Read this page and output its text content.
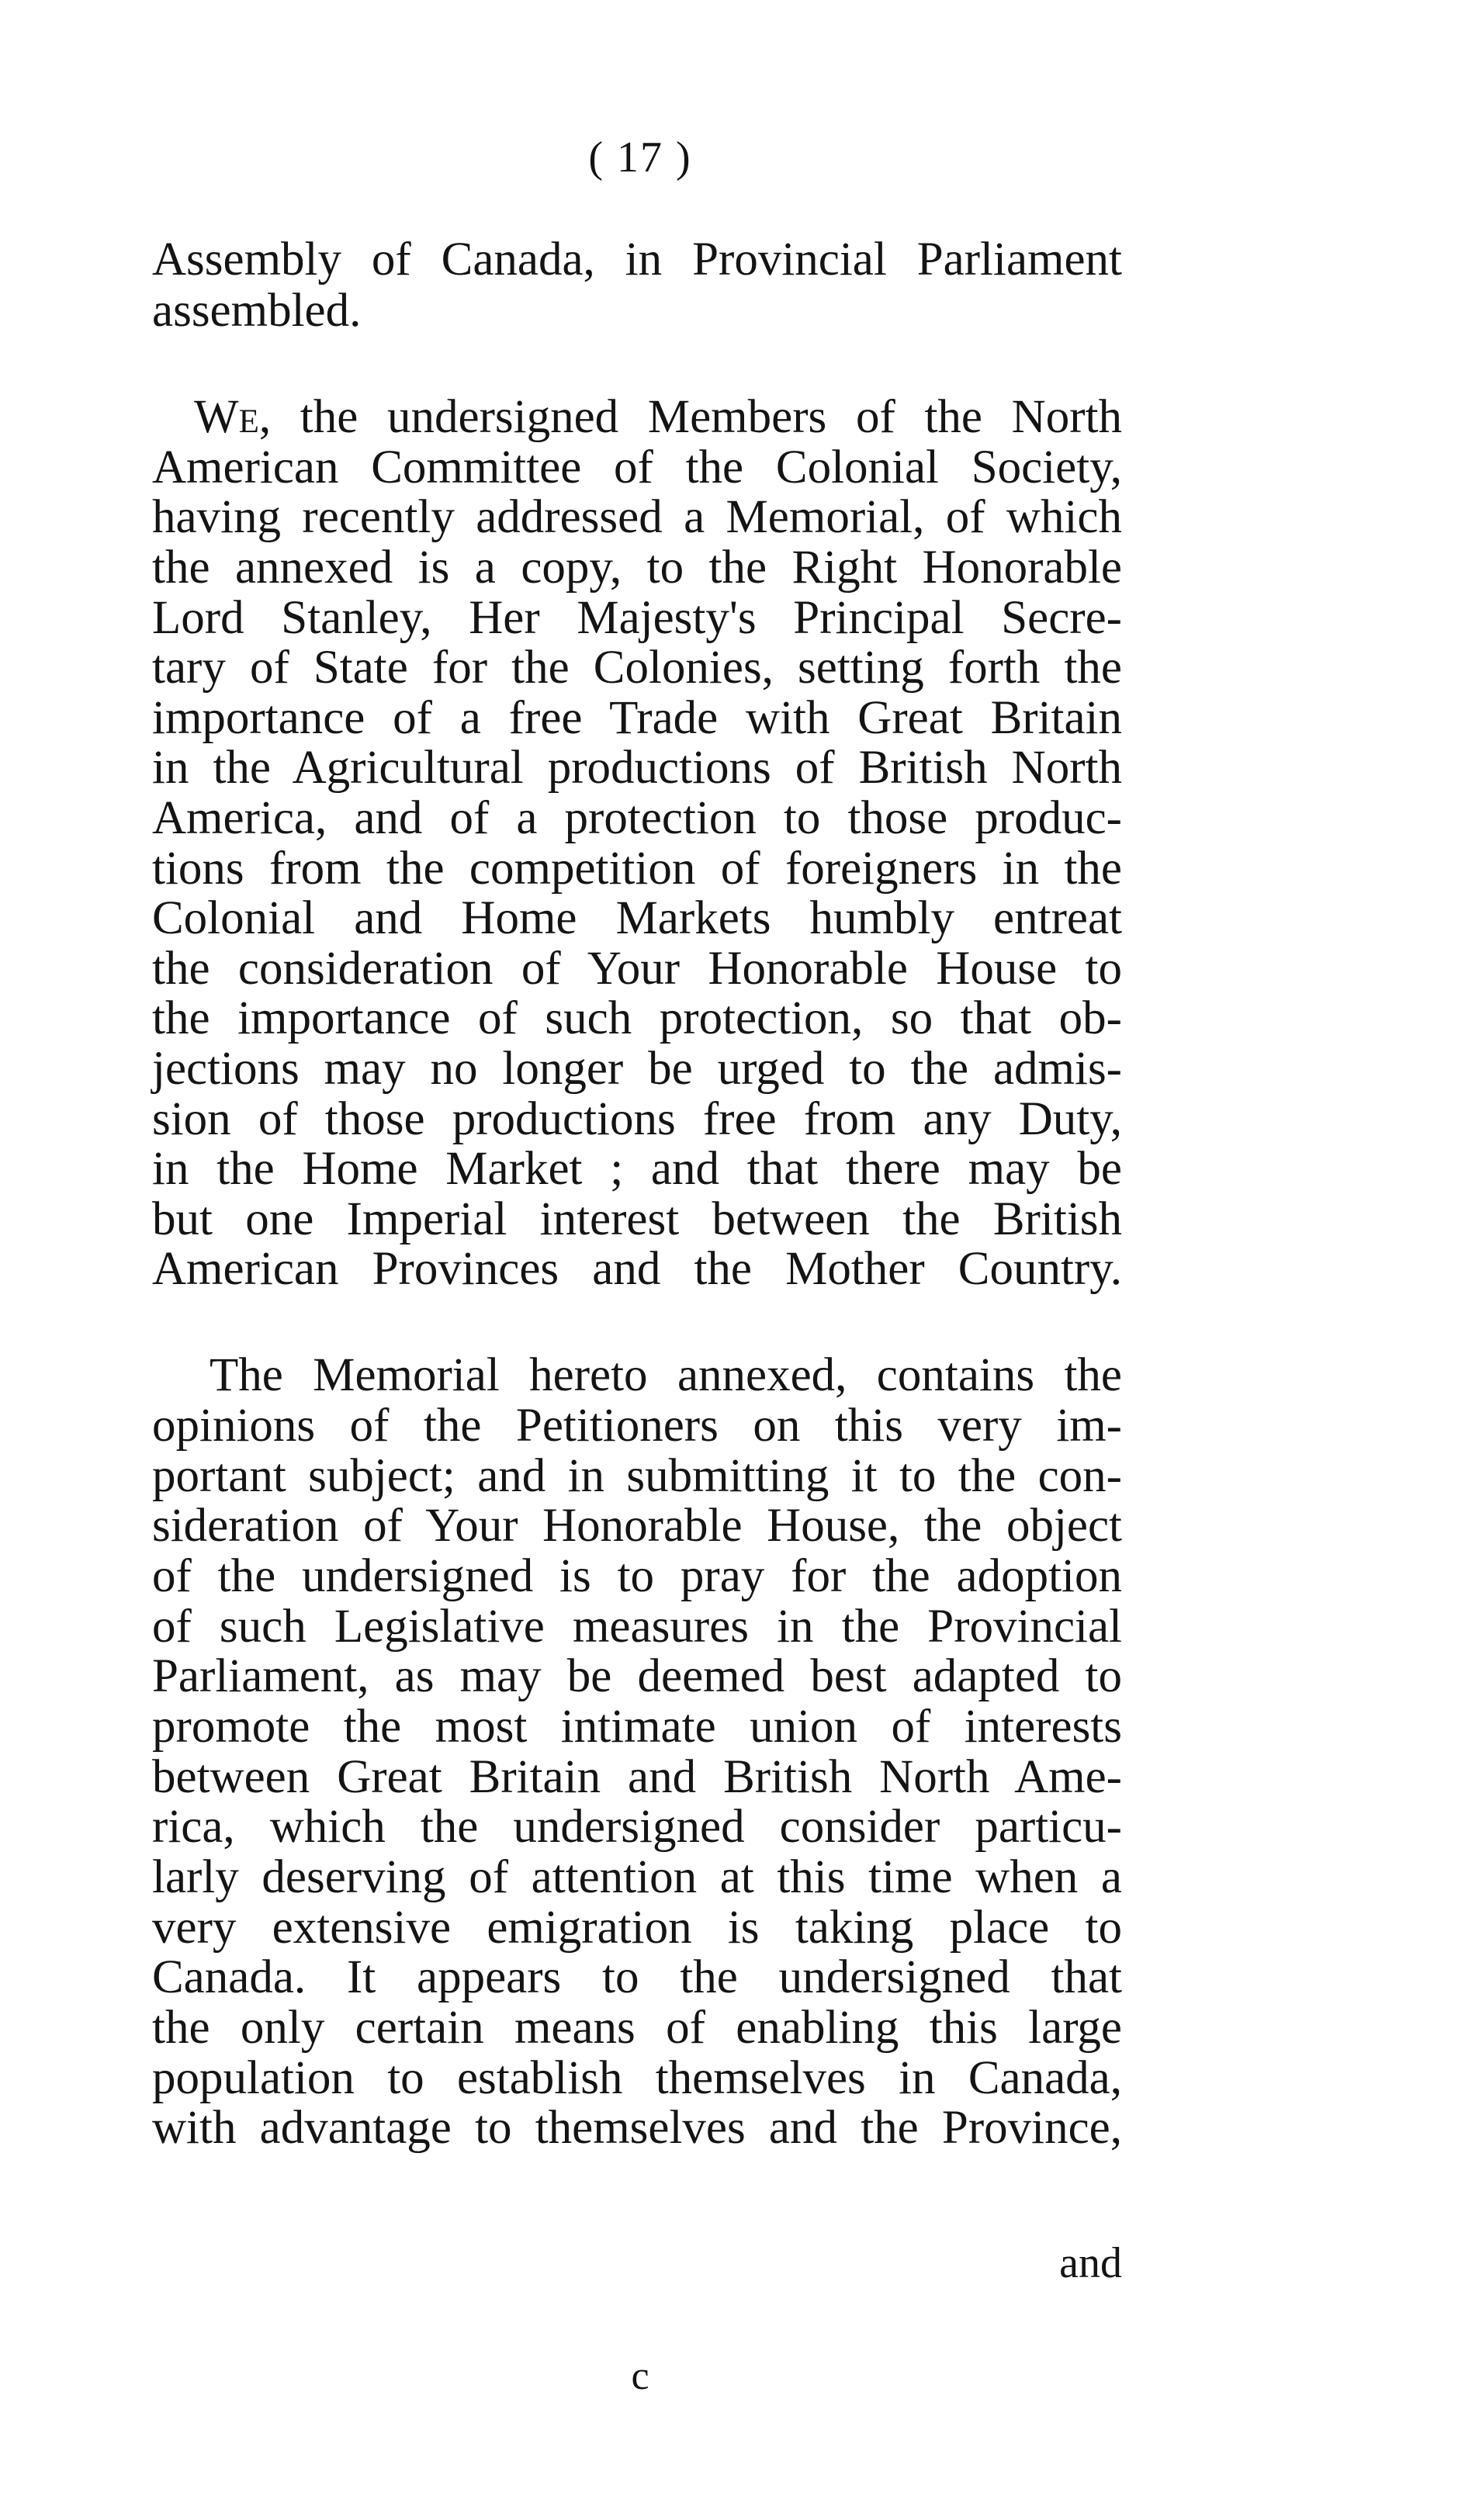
( 17 )
Assembly of Canada, in Provincial Parliament
assembled.
We, the undersigned Members of the North
American Committee of the Colonial Society,
having recently addressed a Memorial, of which
the annexed is a copy, to the Right Honorable
Lord Stanley, Her Majesty's Principal Secre-
tary of State for the Colonies, setting forth the
importance of a free Trade with Great Britain
in the Agricultural productions of British North
America, and of a protection to those produc-
tions from the competition of foreigners in the
Colonial and Home Markets humbly entreat
the consideration of Your Honorable House to
the importance of such protection, so that ob-
jections may no longer be urged to the admis-
sion of those productions free from any Duty,
in the Home Market ; and that there may be
but one Imperial interest between the British
American Provinces and the Mother Country.
The Memorial hereto annexed, contains the
opinions of the Petitioners on this very im-
portant subject; and in submitting it to the con-
sideration of Your Honorable House, the object
of the undersigned is to pray for the adoption
of such Legislative measures in the Provincial
Parliament, as may be deemed best adapted to
promote the most intimate union of interests
between Great Britain and British North Ame-
rica, which the undersigned consider particu-
larly deserving of attention at this time when a
very extensive emigration is taking place to
Canada. It appears to the undersigned that
the only certain means of enabling this large
population to establish themselves in Canada,
with advantage to themselves and the Province,
and
c
